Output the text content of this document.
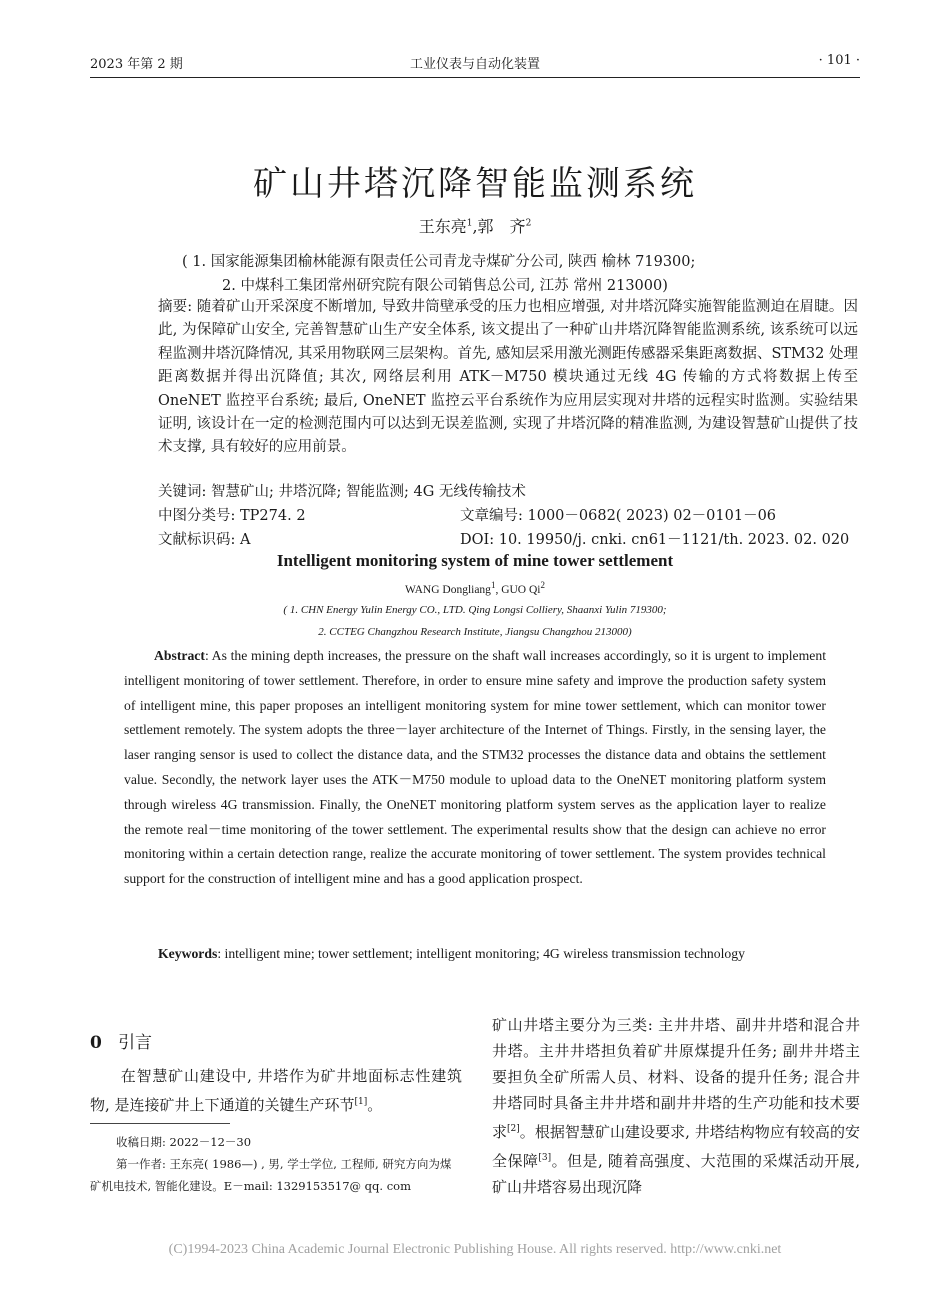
2023 年第 2 期	工业仪表与自动化装置	· 101 ·
矿山井塔沉降智能监测系统
王东亮$^1$,郭　齐$^2$
( 1. 国家能源集团榆林能源有限责任公司青龙寺煤矿分公司, 陕西 榆林 719300;
2. 中煤科工集团常州研究院有限公司销售总公司, 江苏 常州 213000)
摘要: 随着矿山开采深度不断增加, 导致井筒壁承受的压力也相应增强, 对井塔沉降实施智能监测迫在眉睫。因此, 为保障矿山安全, 完善智慧矿山生产安全体系, 该文提出了一种矿山井塔沉降智能监测系统, 该系统可以远程监测井塔沉降情况, 其采用物联网三层架构。首先, 感知层采用激光测距传感器采集距离数据、STM32 处理距离数据并得出沉降值; 其次, 网络层利用 ATK－M750 模块通过无线 4G 传输的方式将数据上传至 OneNET 监控平台系统; 最后, OneNET 监控云平台系统作为应用层实现对井塔的远程实时监测。实验结果证明, 该设计在一定的检测范围内可以达到无误差监测, 实现了井塔沉降的精准监测, 为建设智慧矿山提供了技术支撑, 具有较好的应用前景。
关键词: 智慧矿山; 井塔沉降; 智能监测; 4G 无线传输技术
中图分类号: TP274. 2	文章编号: 1000－0682( 2023) 02－0101－06
文献标识码: A	DOI: 10. 19950/j. cnki. cn61－1121/th. 2023. 02. 020
Intelligent monitoring system of mine tower settlement
WANG Dongliang$^1$, GUO Qi$^2$
( 1. CHN Energy Yulin Energy CO., LTD. Qing Longsi Colliery, Shaanxi Yulin 719300;
2. CCTEG Changzhou Research Institute, Jiangsu Changzhou 213000)
Abstract: As the mining depth increases, the pressure on the shaft wall increases accordingly, so it is urgent to implement intelligent monitoring of tower settlement. Therefore, in order to ensure mine safety and improve the production safety system of intelligent mine, this paper proposes an intelligent monitoring system for mine tower settlement, which can monitor tower settlement remotely. The system adopts the three－layer architecture of the Internet of Things. Firstly, in the sensing layer, the laser ranging sensor is used to collect the distance data, and the STM32 processes the distance data and obtains the settlement value. Secondly, the network layer uses the ATK－M750 module to upload data to the OneNET monitoring platform system through wireless 4G transmission. Finally, the OneNET monitoring platform system serves as the application layer to realize the remote real－time monitoring of the tower settlement. The experimental results show that the design can achieve no error monitoring within a certain detection range, realize the accurate monitoring of tower settlement. The system provides technical support for the construction of intelligent mine and has a good application prospect.
Keywords: intelligent mine; tower settlement; intelligent monitoring; 4G wireless transmission technology
0 引言
在智慧矿山建设中, 井塔作为矿井地面标志性建筑物, 是连接矿井上下通道的关键生产环节[1]。
收稿日期: 2022－12－30
第一作者: 王东亮( 1986—) , 男, 学士学位, 工程师, 研究方向为煤矿机电技术, 智能化建设。E－mail: 1329153517@ qq. com
矿山井塔主要分为三类: 主井井塔、副井井塔和混合井井塔。主井井塔担负着矿井原煤提升任务; 副井井塔主要担负全矿所需人员、材料、设备的提升任务; 混合井井塔同时具备主井井塔和副井井塔的生产功能和技术要求[2]。根据智慧矿山建设要求, 井塔结构物应有较高的安全保障[3]。但是, 随着高强度、大范围的采煤活动开展, 矿山井塔容易出现沉降
(C)1994-2023 China Academic Journal Electronic Publishing House. All rights reserved. http://www.cnki.net
